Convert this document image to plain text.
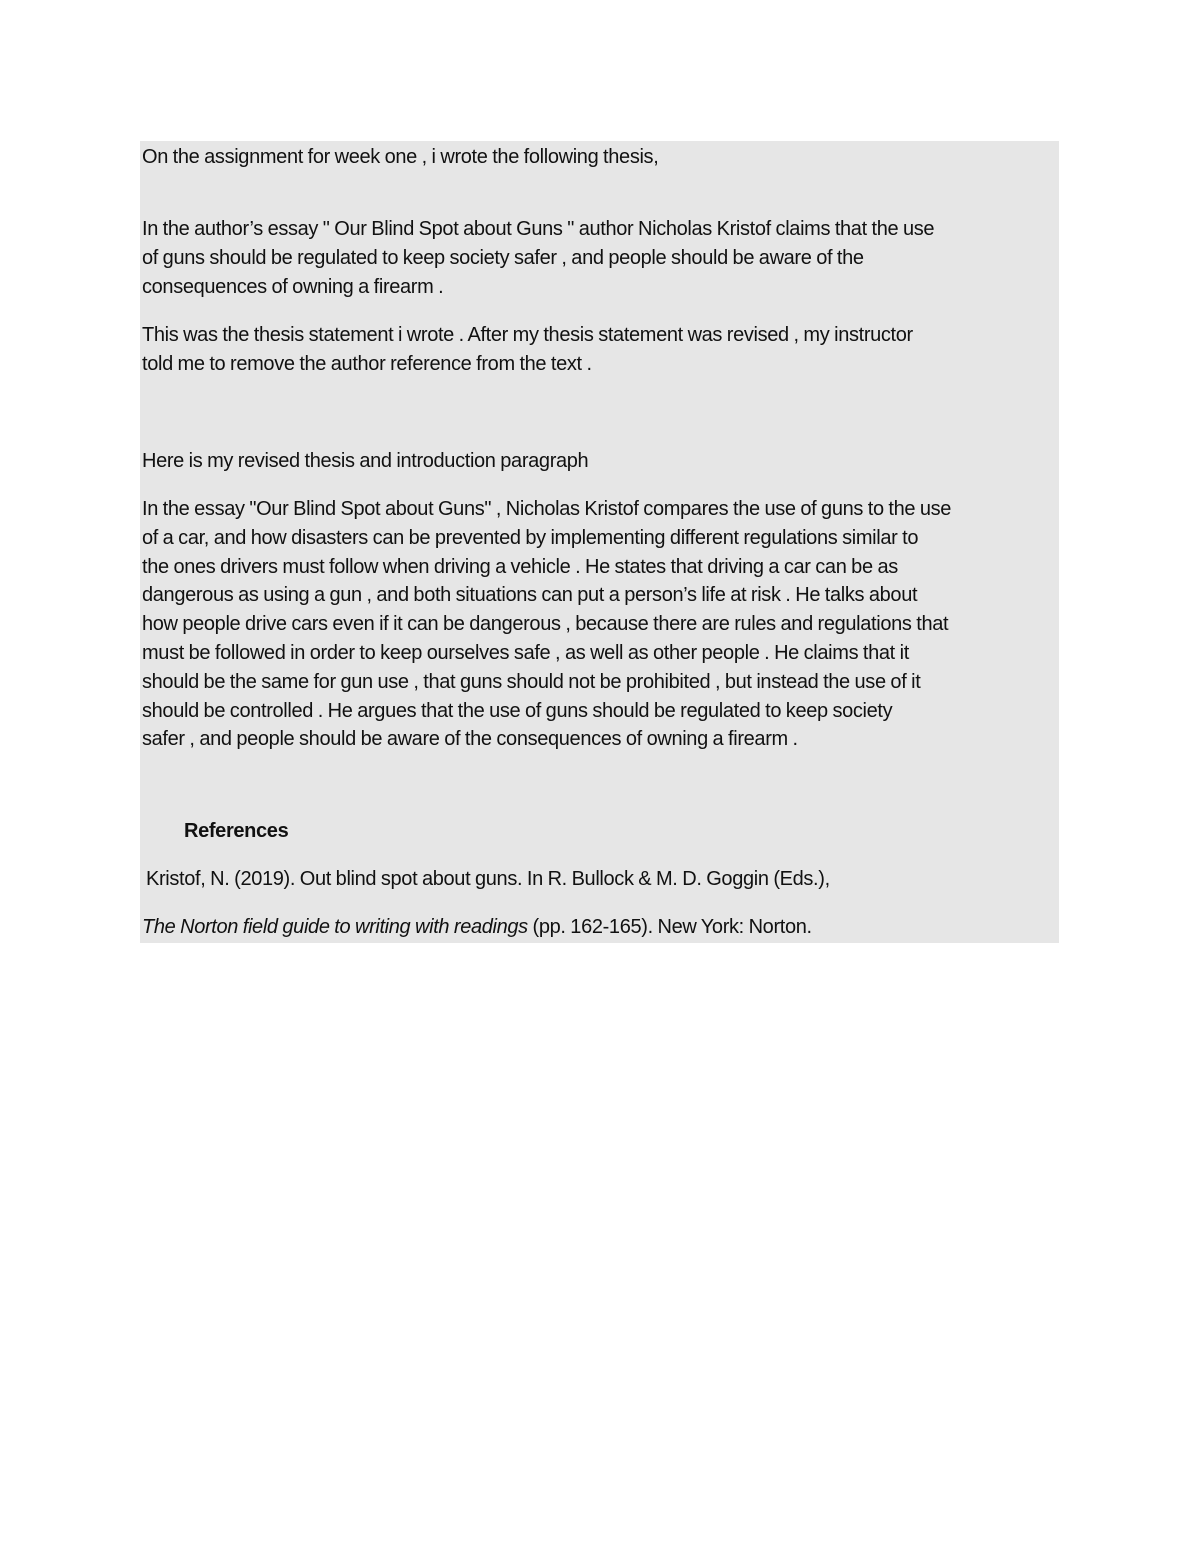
On the assignment for week one , i wrote the following thesis,
In the author’s essay " Our Blind Spot about Guns " author Nicholas Kristof claims that the use
of guns should be regulated to keep society safer , and people should be aware of the
consequences of owning a firearm .
This was the thesis statement i wrote . After my thesis statement was revised , my instructor
told me to remove the author reference from the text .
Here is my revised thesis and introduction paragraph
In the essay "Our Blind Spot about Guns" , Nicholas Kristof compares the use of guns to the use
of a car, and how disasters can be prevented by implementing different regulations similar to
the ones drivers must follow when driving a vehicle . He states that driving a car can be as
dangerous as using a gun , and both situations can put a person’s life at risk . He talks about
how people drive cars even if it can be dangerous , because there are rules and regulations that
must be followed in order to keep ourselves safe , as well as other people . He claims that it
should be the same for gun use , that guns should not be prohibited , but instead the use of it
should be controlled . He argues that the use of guns should be regulated to keep society
safer , and people should be aware of the consequences of owning a firearm .
References
Kristof, N. (2019). Out blind spot about guns. In R. Bullock & M. D. Goggin (Eds.),
The Norton field guide to writing with readings (pp. 162-165). New York: Norton.
